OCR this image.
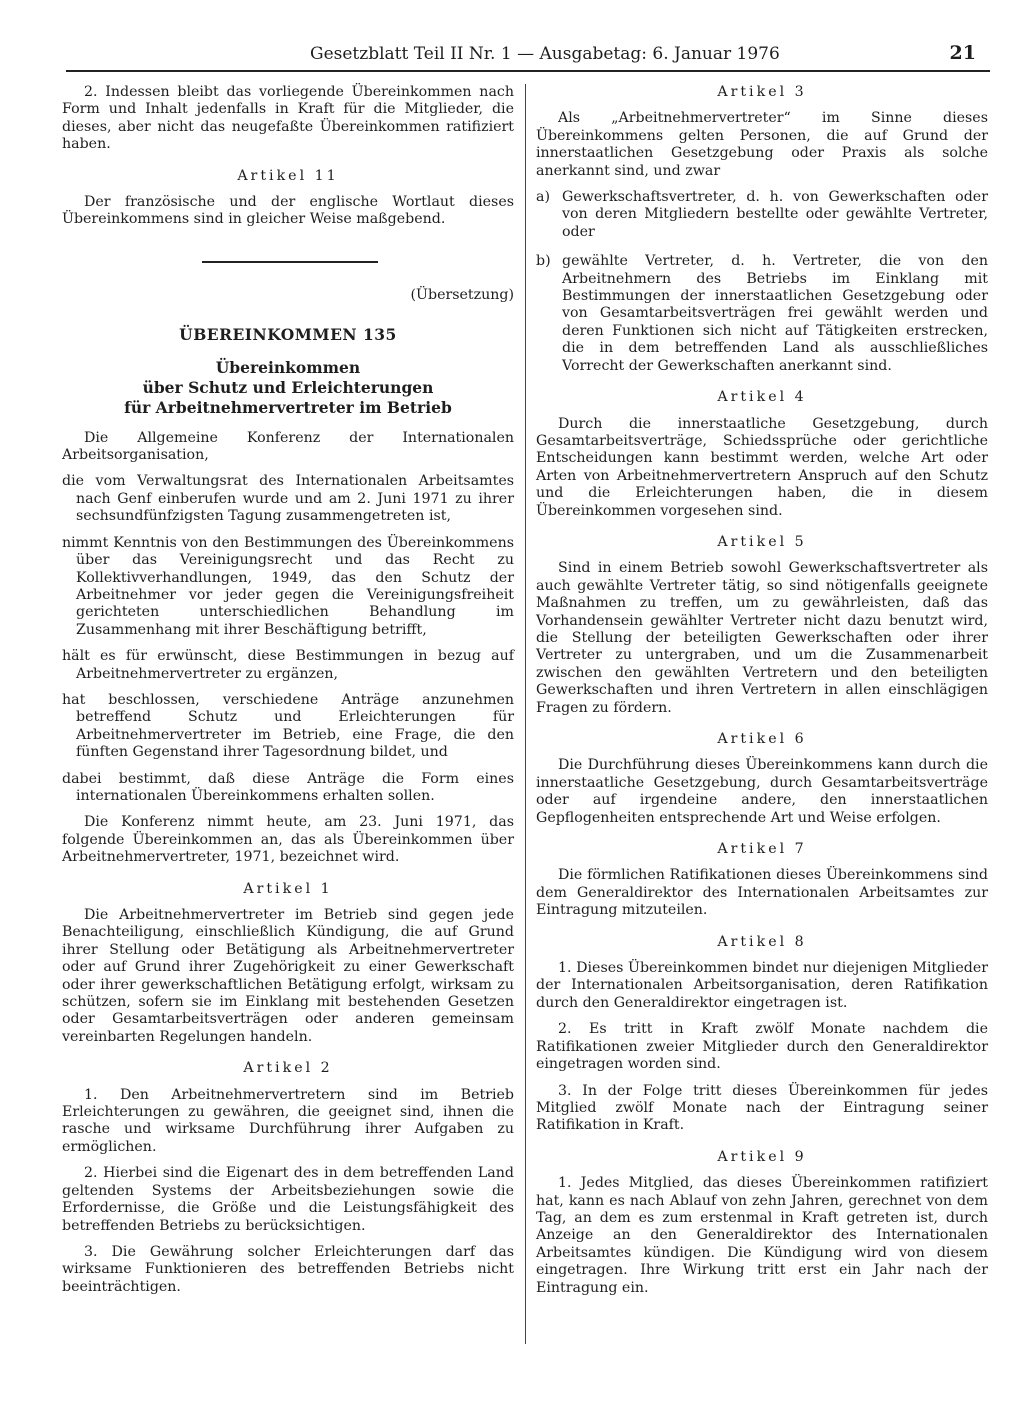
Gesetzblatt Teil II Nr. 1 — Ausgabetag: 6. Januar 1976	21

2. Indessen bleibt das vorliegende Übereinkommen nach Form und Inhalt jedenfalls in Kraft für die Mitglieder, die dieses, aber nicht das neugefaßte Übereinkommen ratifiziert haben.

Artikel 11

Der französische und der englische Wortlaut dieses Übereinkommens sind in gleicher Weise maßgebend.

(Übersetzung)
ÜBEREINKOMMEN 135
Übereinkommen
über Schutz und Erleichterungen
für Arbeitnehmervertreter im Betrieb

Die Allgemeine Konferenz der Internationalen Arbeitsorganisation,

die vom Verwaltungsrat des Internationalen Arbeitsamtes nach Genf einberufen wurde und am 2. Juni 1971 zu ihrer sechsundfünfzigsten Tagung zusammengetreten ist,

nimmt Kenntnis von den Bestimmungen des Übereinkommens über das Vereinigungsrecht und das Recht zu Kollektivverhandlungen, 1949, das den Schutz der Arbeitnehmer vor jeder gegen die Vereinigungsfreiheit gerichteten unterschiedlichen Behandlung im Zusammenhang mit ihrer Beschäftigung betrifft,

hält es für erwünscht, diese Bestimmungen in bezug auf Arbeitnehmervertreter zu ergänzen,

hat beschlossen, verschiedene Anträge anzunehmen betreffend Schutz und Erleichterungen für Arbeitnehmervertreter im Betrieb, eine Frage, die den fünften Gegenstand ihrer Tagesordnung bildet, und

dabei bestimmt, daß diese Anträge die Form eines internationalen Übereinkommens erhalten sollen.

Die Konferenz nimmt heute, am 23. Juni 1971, das folgende Übereinkommen an, das als Übereinkommen über Arbeitnehmervertreter, 1971, bezeichnet wird.

Artikel 1

Die Arbeitnehmervertreter im Betrieb sind gegen jede Benachteiligung, einschließlich Kündigung, die auf Grund ihrer Stellung oder Betätigung als Arbeitnehmervertreter oder auf Grund ihrer Zugehörigkeit zu einer Gewerkschaft oder ihrer gewerkschaftlichen Betätigung erfolgt, wirksam zu schützen, sofern sie im Einklang mit bestehenden Gesetzen oder Gesamtarbeitsverträgen oder anderen gemeinsam vereinbarten Regelungen handeln.

Artikel 2

1. Den Arbeitnehmervertretern sind im Betrieb Erleichterungen zu gewähren, die geeignet sind, ihnen die rasche und wirksame Durchführung ihrer Aufgaben zu ermöglichen.

2. Hierbei sind die Eigenart des in dem betreffenden Land geltenden Systems der Arbeitsbeziehungen sowie die Erfordernisse, die Größe und die Leistungsfähigkeit des betreffenden Betriebs zu berücksichtigen.

3. Die Gewährung solcher Erleichterungen darf das wirksame Funktionieren des betreffenden Betriebs nicht beeinträchtigen.

Artikel 3

Als „Arbeitnehmervertreter“ im Sinne dieses Übereinkommens gelten Personen, die auf Grund der innerstaatlichen Gesetzgebung oder Praxis als solche anerkannt sind, und zwar

a) Gewerkschaftsvertreter, d. h. von Gewerkschaften oder von deren Mitgliedern bestellte oder gewählte Vertreter, oder
b) gewählte Vertreter, d. h. Vertreter, die von den Arbeitnehmern des Betriebs im Einklang mit Bestimmungen der innerstaatlichen Gesetzgebung oder von Gesamtarbeitsverträgen frei gewählt werden und deren Funktionen sich nicht auf Tätigkeiten erstrecken, die in dem betreffenden Land als ausschließliches Vorrecht der Gewerkschaften anerkannt sind.
Artikel 4

Durch die innerstaatliche Gesetzgebung, durch Gesamtarbeitsverträge, Schiedssprüche oder gerichtliche Entscheidungen kann bestimmt werden, welche Art oder Arten von Arbeitnehmervertretern Anspruch auf den Schutz und die Erleichterungen haben, die in diesem Übereinkommen vorgesehen sind.

Artikel 5

Sind in einem Betrieb sowohl Gewerkschaftsvertreter als auch gewählte Vertreter tätig, so sind nötigenfalls geeignete Maßnahmen zu treffen, um zu gewährleisten, daß das Vorhandensein gewählter Vertreter nicht dazu benutzt wird, die Stellung der beteiligten Gewerkschaften oder ihrer Vertreter zu untergraben, und um die Zusammenarbeit zwischen den gewählten Vertretern und den beteiligten Gewerkschaften und ihren Vertretern in allen einschlägigen Fragen zu fördern.

Artikel 6

Die Durchführung dieses Übereinkommens kann durch die innerstaatliche Gesetzgebung, durch Gesamtarbeitsverträge oder auf irgendeine andere, den innerstaatlichen Gepflogenheiten entsprechende Art und Weise erfolgen.

Artikel 7

Die förmlichen Ratifikationen dieses Übereinkommens sind dem Generaldirektor des Internationalen Arbeitsamtes zur Eintragung mitzuteilen.

Artikel 8

1. Dieses Übereinkommen bindet nur diejenigen Mitglieder der Internationalen Arbeitsorganisation, deren Ratifikation durch den Generaldirektor eingetragen ist.

2. Es tritt in Kraft zwölf Monate nachdem die Ratifikationen zweier Mitglieder durch den Generaldirektor eingetragen worden sind.

3. In der Folge tritt dieses Übereinkommen für jedes Mitglied zwölf Monate nach der Eintragung seiner Ratifikation in Kraft.

Artikel 9

1. Jedes Mitglied, das dieses Übereinkommen ratifiziert hat, kann es nach Ablauf von zehn Jahren, gerechnet von dem Tag, an dem es zum erstenmal in Kraft getreten ist, durch Anzeige an den Generaldirektor des Internationalen Arbeitsamtes kündigen. Die Kündigung wird von diesem eingetragen. Ihre Wirkung tritt erst ein Jahr nach der Eintragung ein.
